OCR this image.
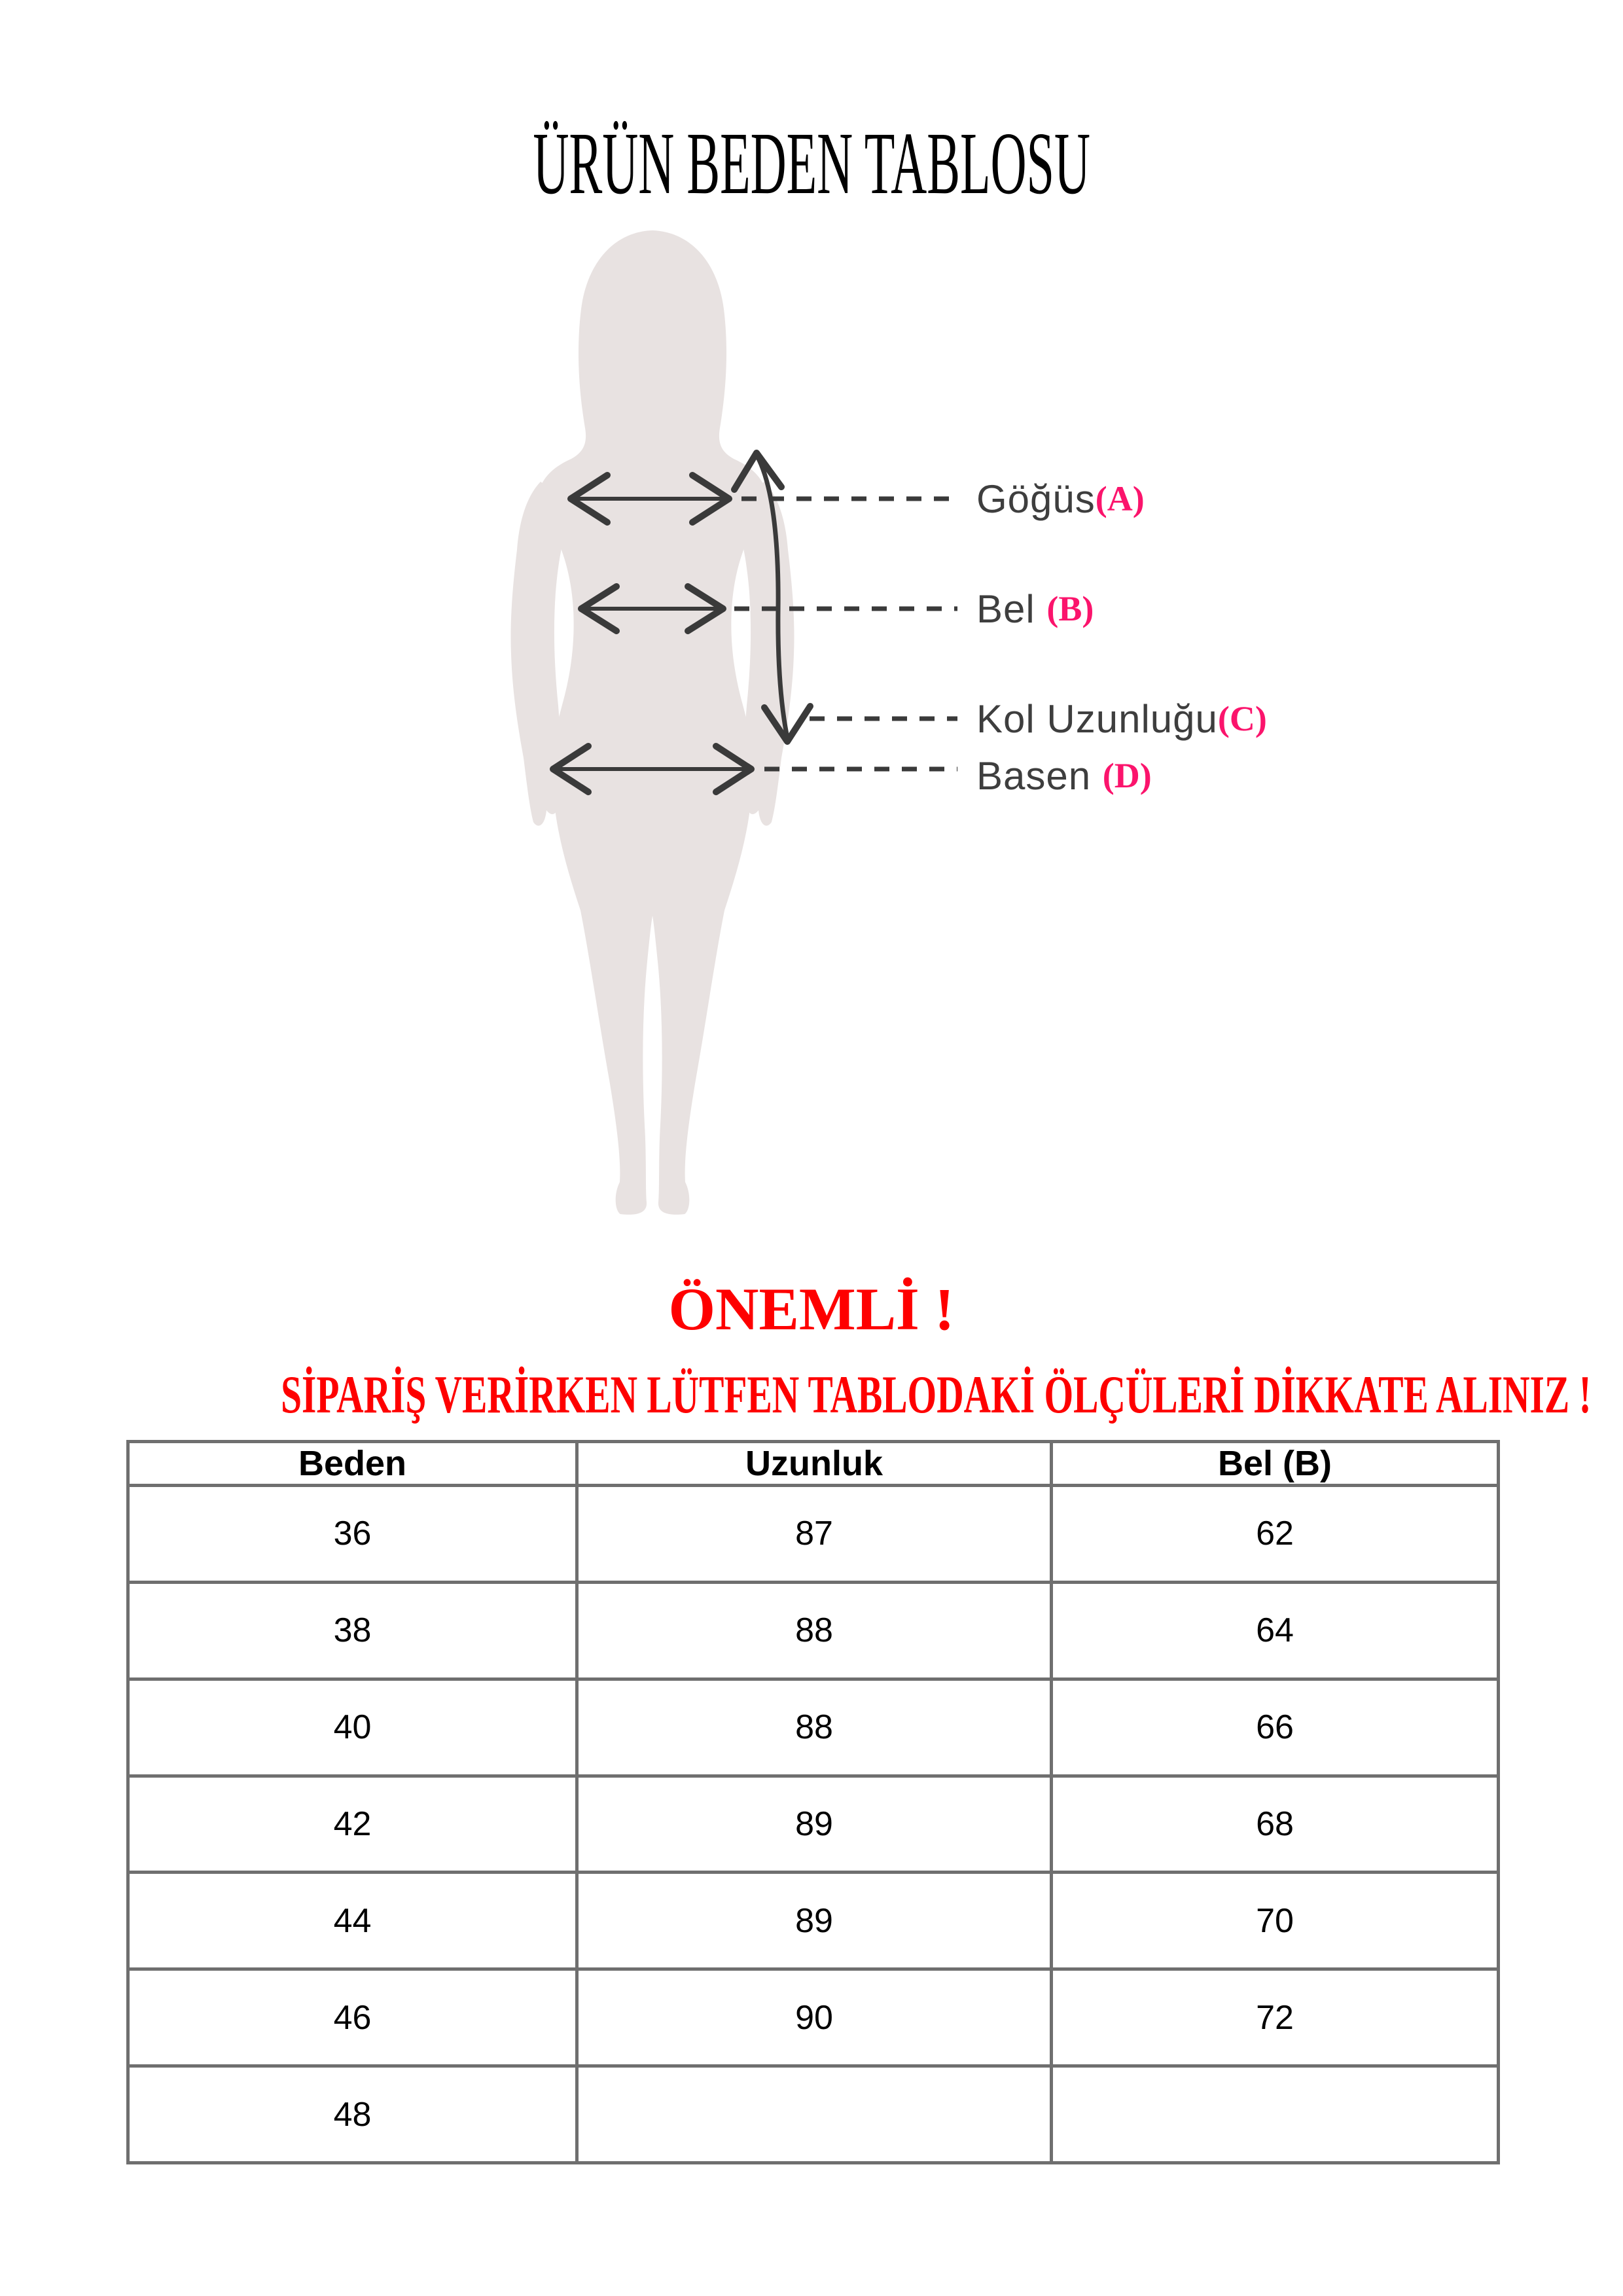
ÜRÜN BEDEN TABLOSU
Göğüs (A)
Bel (B)
Kol Uzunluğu (C)
Basen (D)
ÖNEMLİ !
SİPARİŞ VERİRKEN LÜTFEN TABLODAKİ ÖLÇÜLERİ DİKKATE ALINIZ !
Beden	Uzunluk	Bel (B)
36	87	62
38	88	64
40	88	66
42	89	68
44	89	70
46	90	72
48		
